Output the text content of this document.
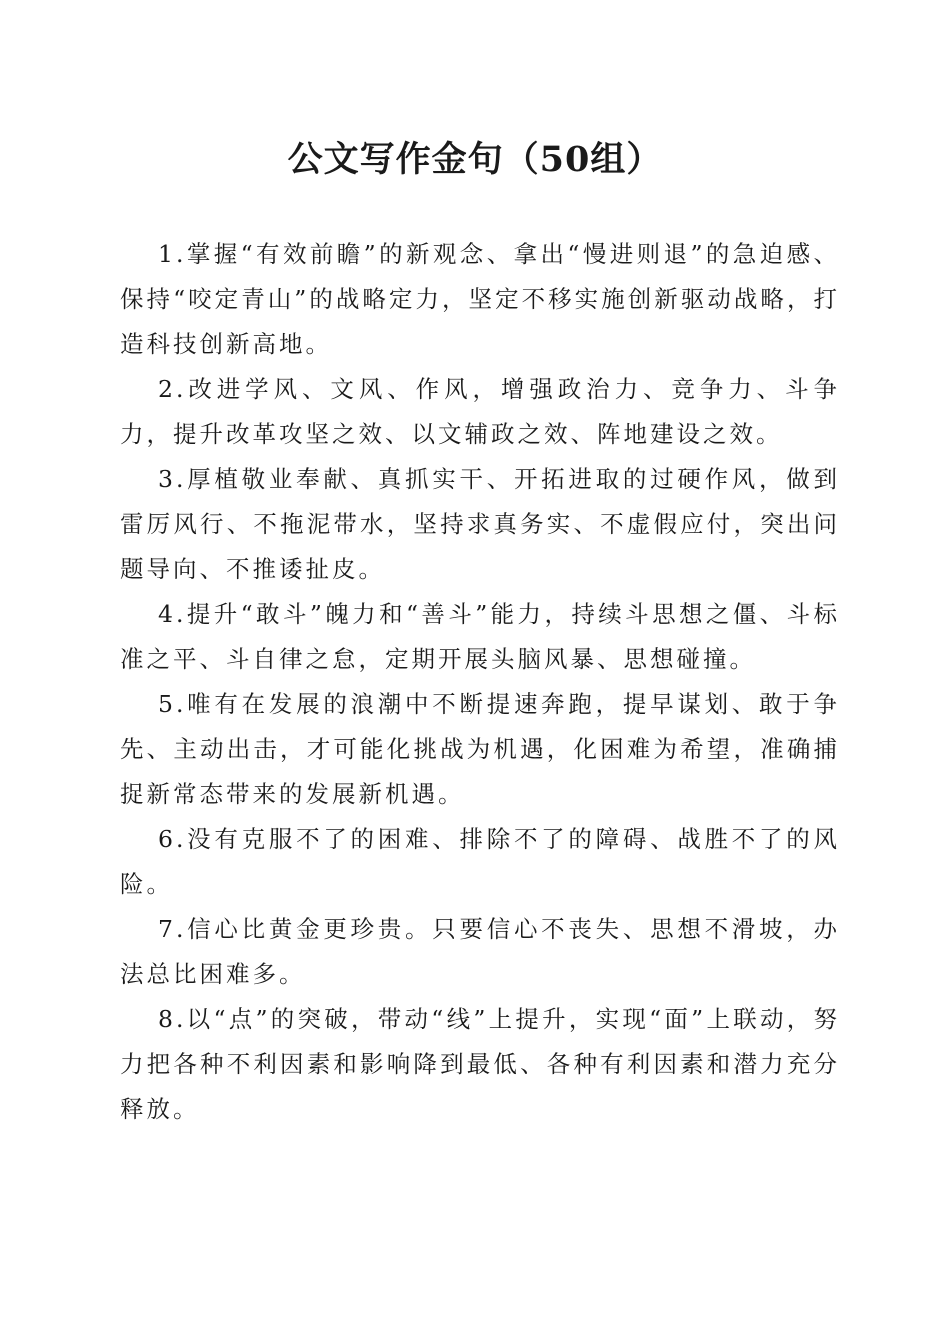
公文写作金句（50组）

1.掌握“有效前瞻”的新观念、拿出“慢进则退”的急迫感、保持“咬定青山”的战略定力，坚定不移实施创新驱动战略，打造科技创新高地。

2.改进学风、文风、作风，增强政治力、竞争力、斗争力，提升改革攻坚之效、以文辅政之效、阵地建设之效。

3.厚植敬业奉献、真抓实干、开拓进取的过硬作风，做到雷厉风行、不拖泥带水，坚持求真务实、不虚假应付，突出问题导向、不推诿扯皮。

4.提升“敢斗”魄力和“善斗”能力，持续斗思想之僵、斗标准之平、斗自律之怠，定期开展头脑风暴、思想碰撞。

5.唯有在发展的浪潮中不断提速奔跑，提早谋划、敢于争先、主动出击，才可能化挑战为机遇，化困难为希望，准确捕捉新常态带来的发展新机遇。

6.没有克服不了的困难、排除不了的障碍、战胜不了的风险。

7.信心比黄金更珍贵。只要信心不丧失、思想不滑坡，办法总比困难多。

8.以“点”的突破，带动“线”上提升，实现“面”上联动，努力把各种不利因素和影响降到最低、各种有利因素和潜力充分释放。
